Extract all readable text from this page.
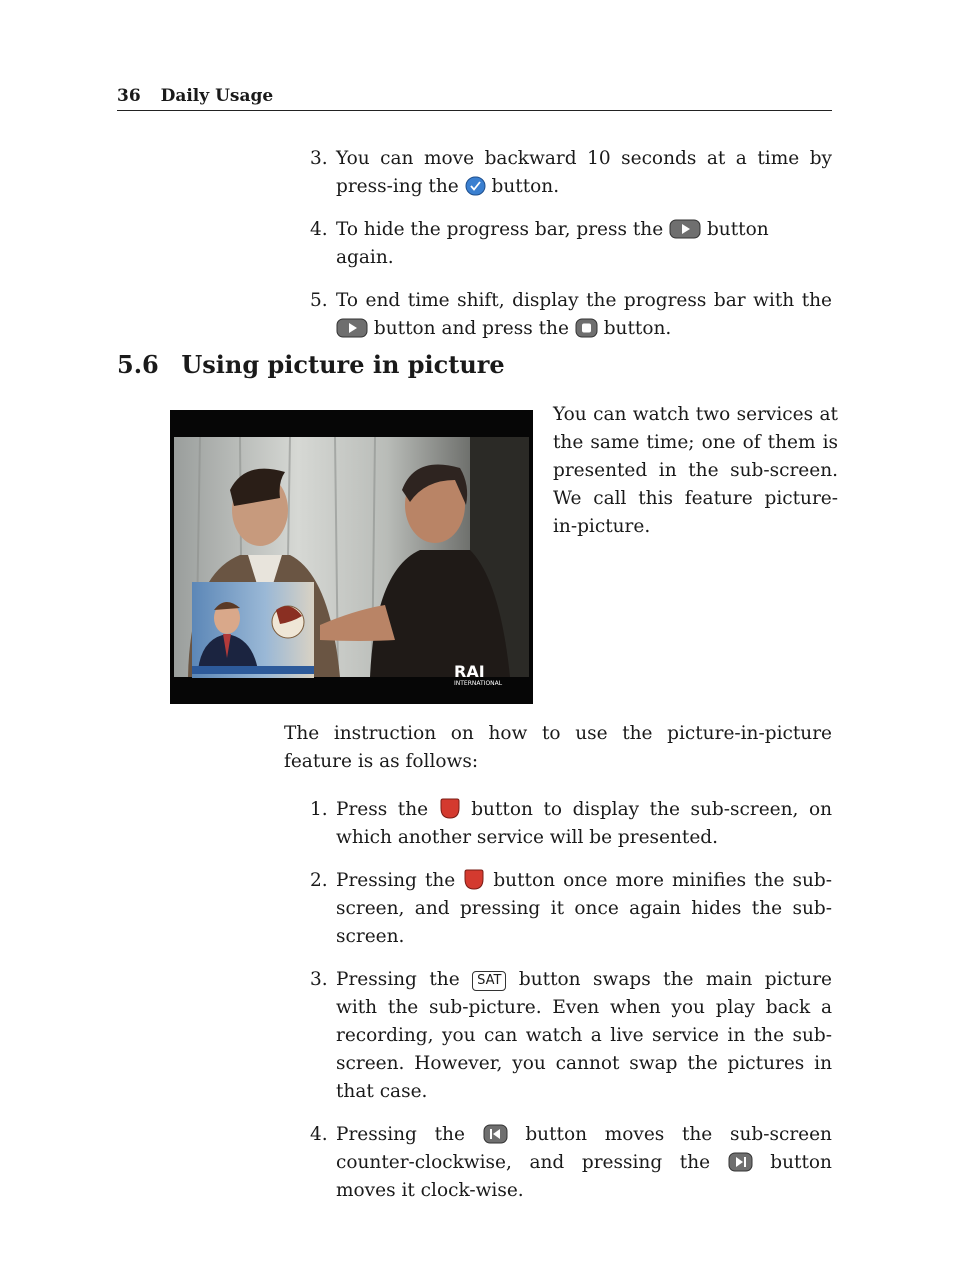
36 Daily Usage
3. You can move backward 10 seconds at a time by press-ing the button.
4. To hide the progress bar, press the button again.
5. To end time shift, display the progress bar with the  button and press the button.
5.6 Using picture in picture
RAI
INTERNATIONAL
You can watch two services at the same time; one of them is presented in the sub-screen. We call this feature picture-in-picture.
The instruction on how to use the picture-in-picture feature is as follows:
1. Press the button to display the sub-screen, on which another service will be presented.
2. Pressing the button once more minifies the sub-screen, and pressing it once again hides the sub-screen.
3. Pressing the SAT button swaps the main picture with the sub-picture. Even when you play back a recording, you can watch a live service in the sub-screen. However, you cannot swap the pictures in that case.
4. Pressing the	button moves the sub-screen counter-clockwise, and pressing the	button moves it clock-wise.
